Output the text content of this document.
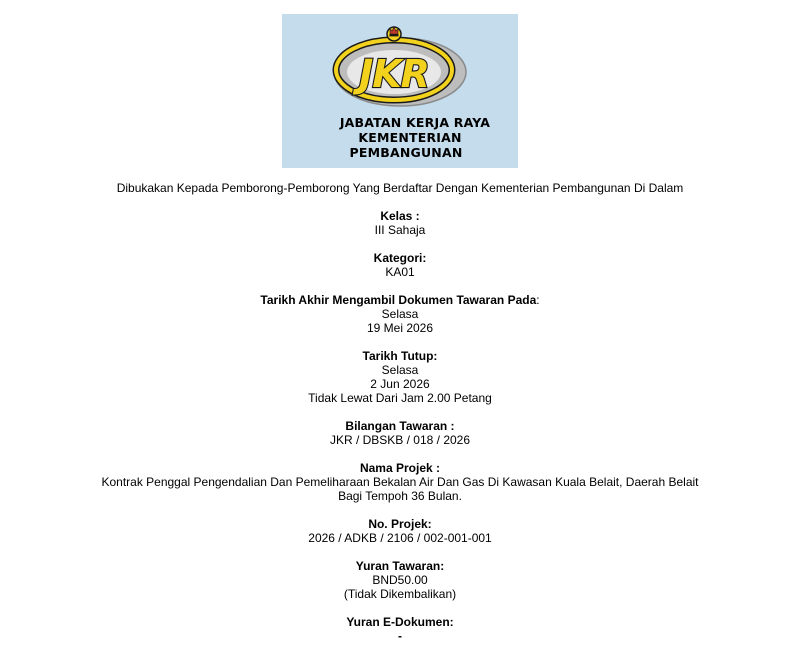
JKR
JABATAN KERJA RAYA
KEMENTERIAN
PEMBANGUNAN

Dibukakan Kepada Pemborong-Pemborong Yang Berdaftar Dengan Kementerian Pembangunan Di Dalam

Kelas :
III Sahaja
Kategori:
KA01
Tarikh Akhir Mengambil Dokumen Tawaran Pada:
Selasa
19 Mei 2026
Tarikh Tutup:
Selasa
2 Jun 2026
Tidak Lewat Dari Jam 2.00 Petang
Bilangan Tawaran :
JKR / DBSKB / 018 / 2026
Nama Projek :
Kontrak Penggal Pengendalian Dan Pemeliharaan Bekalan Air Dan Gas Di Kawasan Kuala Belait, Daerah Belait
Bagi Tempoh 36 Bulan.
No. Projek:
2026 / ADKB / 2106 / 002-001-001
Yuran Tawaran:
BND50.00
(Tidak Dikembalikan)
Yuran E-Dokumen:
-
